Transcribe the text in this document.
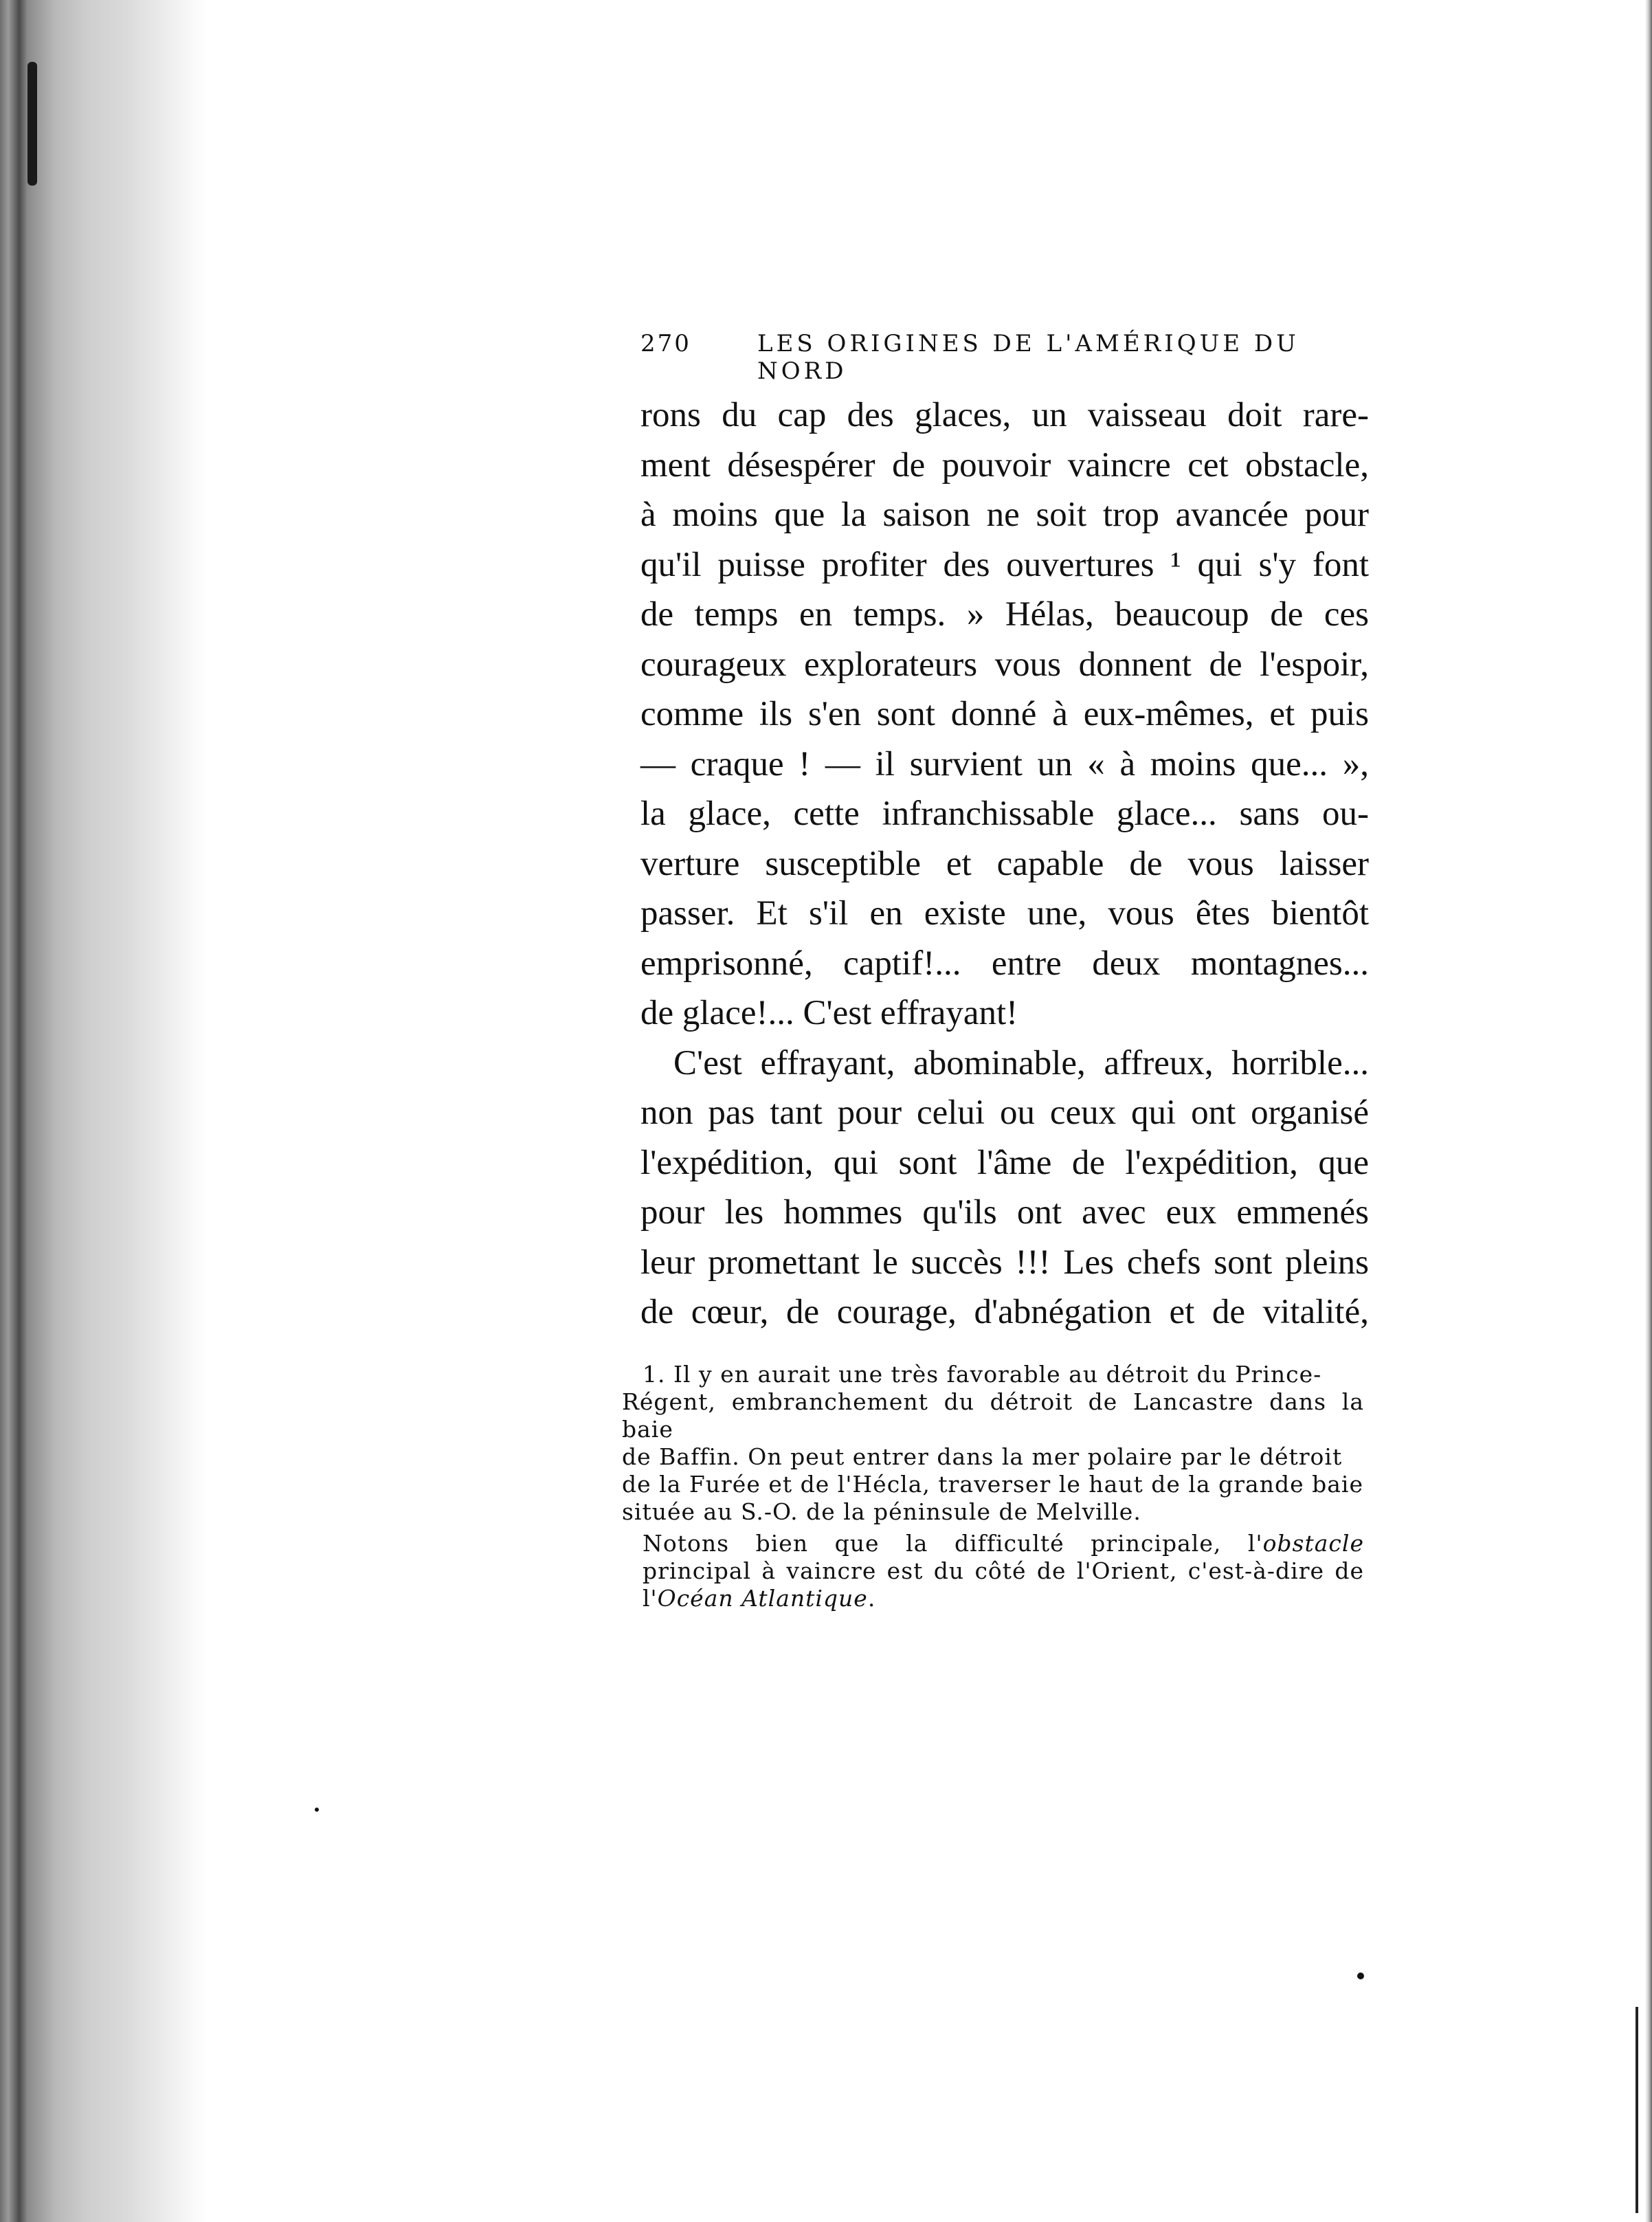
270	LES ORIGINES DE L'AMÉRIQUE DU NORD

rons du cap des glaces, un vaisseau doit rare-
ment désespérer de pouvoir vaincre cet obstacle,
à moins que la saison ne soit trop avancée pour
qu'il puisse profiter des ouvertures ¹ qui s'y font
de temps en temps. » Hélas, beaucoup de ces
courageux explorateurs vous donnent de l'espoir,
comme ils s'en sont donné à eux-mêmes, et puis
— craque ! — il survient un « à moins que... »,
la glace, cette infranchissable glace... sans ou-
verture susceptible et capable de vous laisser
passer. Et s'il en existe une, vous êtes bientôt
emprisonné, captif!... entre deux montagnes...
de glace!... C'est effrayant!

C'est effrayant, abominable, affreux, horrible...
non pas tant pour celui ou ceux qui ont organisé
l'expédition, qui sont l'âme de l'expédition, que
pour les hommes qu'ils ont avec eux emmenés
leur promettant le succès !!! Les chefs sont pleins
de cœur, de courage, d'abnégation et de vitalité,

1. Il y en aurait une très favorable au détroit du Prince-
Régent, embranchement du détroit de Lancastre dans la baie
de Baffin. On peut entrer dans la mer polaire par le détroit
de la Furée et de l'Hécla, traverser le haut de la grande baie
située au S.-O. de la péninsule de Melville.

Notons bien que la difficulté principale, l'obstacle principal à vaincre est du côté de l'Orient, c'est-à-dire de l'Océan Atlantique.
